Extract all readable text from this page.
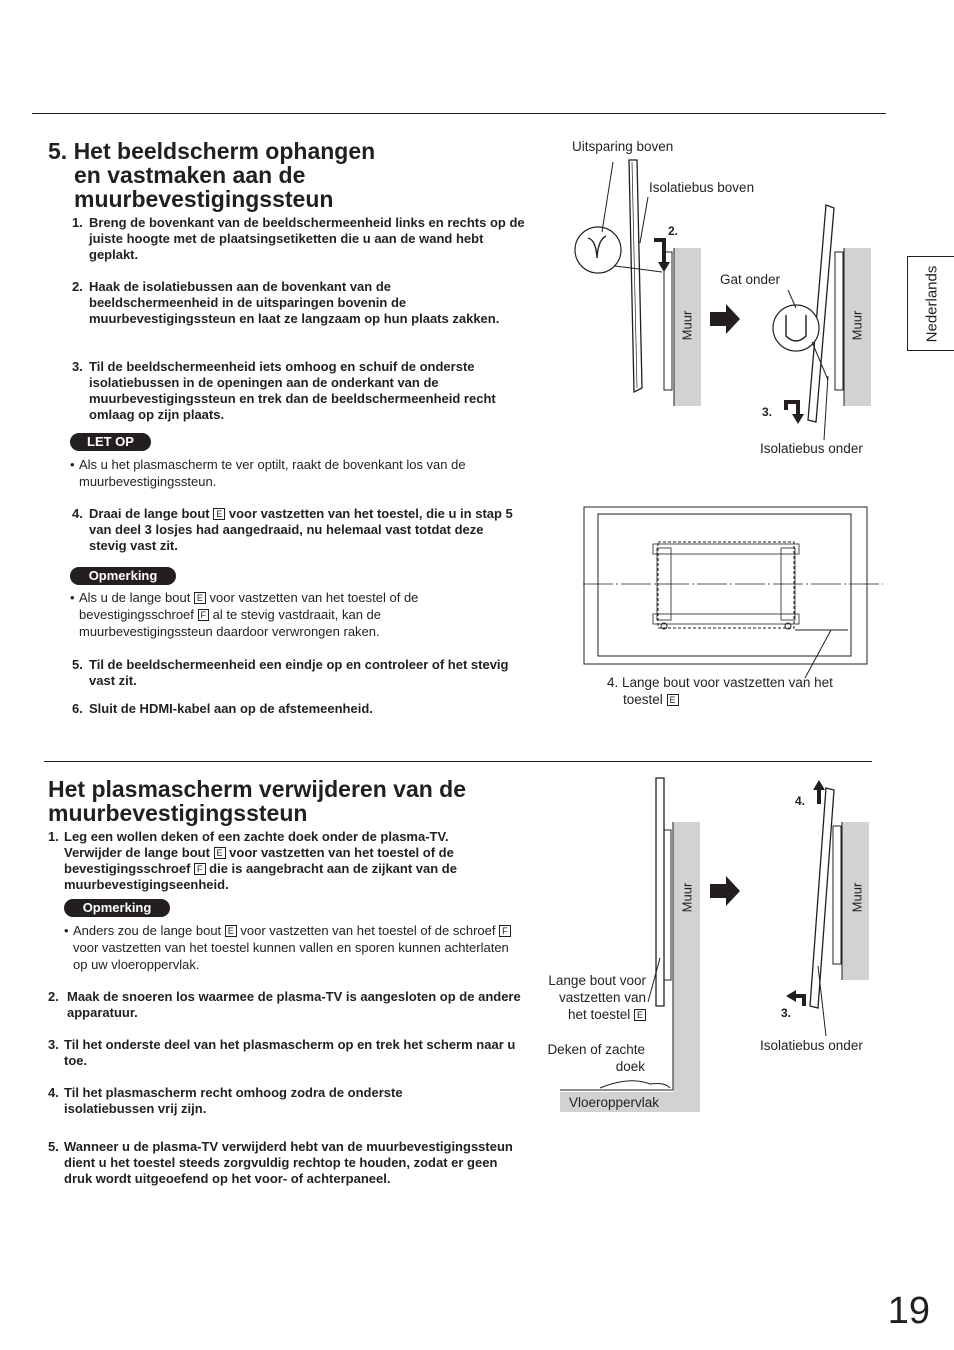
Nederlands
5. Het beeldscherm ophangen
en vastmaken aan de
muurbevestigingssteun
1. Breng de bovenkant van de beeldschermeenheid links en rechts op de juiste hoogte met de plaatsingsetiketten die u aan de wand hebt geplakt.
2. Haak de isolatiebussen aan de bovenkant van de beeldschermeenheid in de uitsparingen bovenin de muurbevestigingssteun en laat ze langzaam op hun plaats zakken.
3. Til de beeldschermeenheid iets omhoog en schuif de onderste isolatiebussen in de openingen aan de onderkant van de muurbevestigingssteun en trek dan de beeldschermeenheid recht omlaag op zijn plaats.
LET OP
• Als u het plasmascherm te ver optilt, raakt de bovenkant los van de muurbevestigingssteun.
4. Draai de lange bout E voor vastzetten van het toestel, die u in stap 5 van deel 3 losjes had aangedraaid, nu helemaal vast totdat deze stevig vast zit.
Opmerking
• Als u de lange bout E voor vastzetten van het toestel of de bevestigingsschroef F al te stevig vastdraait, kan de muurbevestigingssteun daardoor verwrongen raken.
5. Til de beeldschermeenheid een eindje op en controleer of het stevig vast zit.
6. Sluit de HDMI-kabel aan op de afstemeenheid.
Uitsparing boven
Isolatiebus boven
2.
Muur
Gat onder
Muur
3.
Isolatiebus onder
4. Lange bout voor vastzetten van het toestel E
Het plasmascherm verwijderen van de
muurbevestigingssteun
1. Leg een wollen deken of een zachte doek onder de plasma-TV. Verwijder de lange bout E voor vastzetten van het toestel of de bevestigingsschroef F die is aangebracht aan de zijkant van de muurbevestigingseenheid.
Opmerking
• Anders zou de lange bout E voor vastzetten van het toestel of de schroef F voor vastzetten van het toestel kunnen vallen en sporen kunnen achterlaten op uw vloeroppervlak.
2. Maak de snoeren los waarmee de plasma-TV is aangesloten op de andere apparatuur.
3. Til het onderste deel van het plasmascherm op en trek het scherm naar u toe.
4. Til het plasmascherm recht omhoog zodra de onderste isolatiebussen vrij zijn.
5. Wanneer u de plasma-TV verwijderd hebt van de muurbevestigingssteun dient u het toestel steeds zorgvuldig rechtop te houden, zodat er geen druk wordt uitgeoefend op het voor- of achterpaneel.
Lange bout voor
vastzetten van
het toestel E
Deken of zachte
doek
Vloeroppervlak
Muur	Muur
4.
3.
Isolatiebus onder
19
